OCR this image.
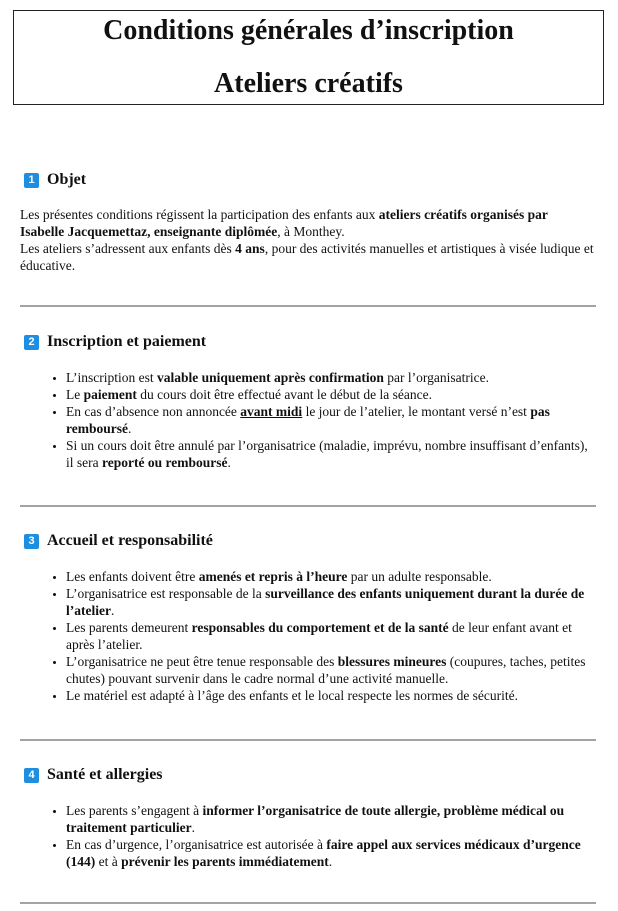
Conditions générales d’inscription
Ateliers créatifs
1 Objet
Les présentes conditions régissent la participation des enfants aux ateliers créatifs organisés par Isabelle Jacquemettaz, enseignante diplômée, à Monthey.
Les ateliers s’adressent aux enfants dès 4 ans, pour des activités manuelles et artistiques à visée ludique et éducative.
2 Inscription et paiement
• L’inscription est valable uniquement après confirmation par l’organisatrice.
• Le paiement du cours doit être effectué avant le début de la séance.
• En cas d’absence non annoncée avant midi le jour de l’atelier, le montant versé n’est pas remboursé.
• Si un cours doit être annulé par l’organisatrice (maladie, imprévu, nombre insuffisant d’enfants), il sera reporté ou remboursé.
3 Accueil et responsabilité
• Les enfants doivent être amenés et repris à l’heure par un adulte responsable.
• L’organisatrice est responsable de la surveillance des enfants uniquement durant la durée de l’atelier.
• Les parents demeurent responsables du comportement et de la santé de leur enfant avant et après l’atelier.
• L’organisatrice ne peut être tenue responsable des blessures mineures (coupures, taches, petites chutes) pouvant survenir dans le cadre normal d’une activité manuelle.
• Le matériel est adapté à l’âge des enfants et le local respecte les normes de sécurité.
4 Santé et allergies
• Les parents s’engagent à informer l’organisatrice de toute allergie, problème médical ou traitement particulier.
• En cas d’urgence, l’organisatrice est autorisée à faire appel aux services médicaux d’urgence (144) et à prévenir les parents immédiatement.
